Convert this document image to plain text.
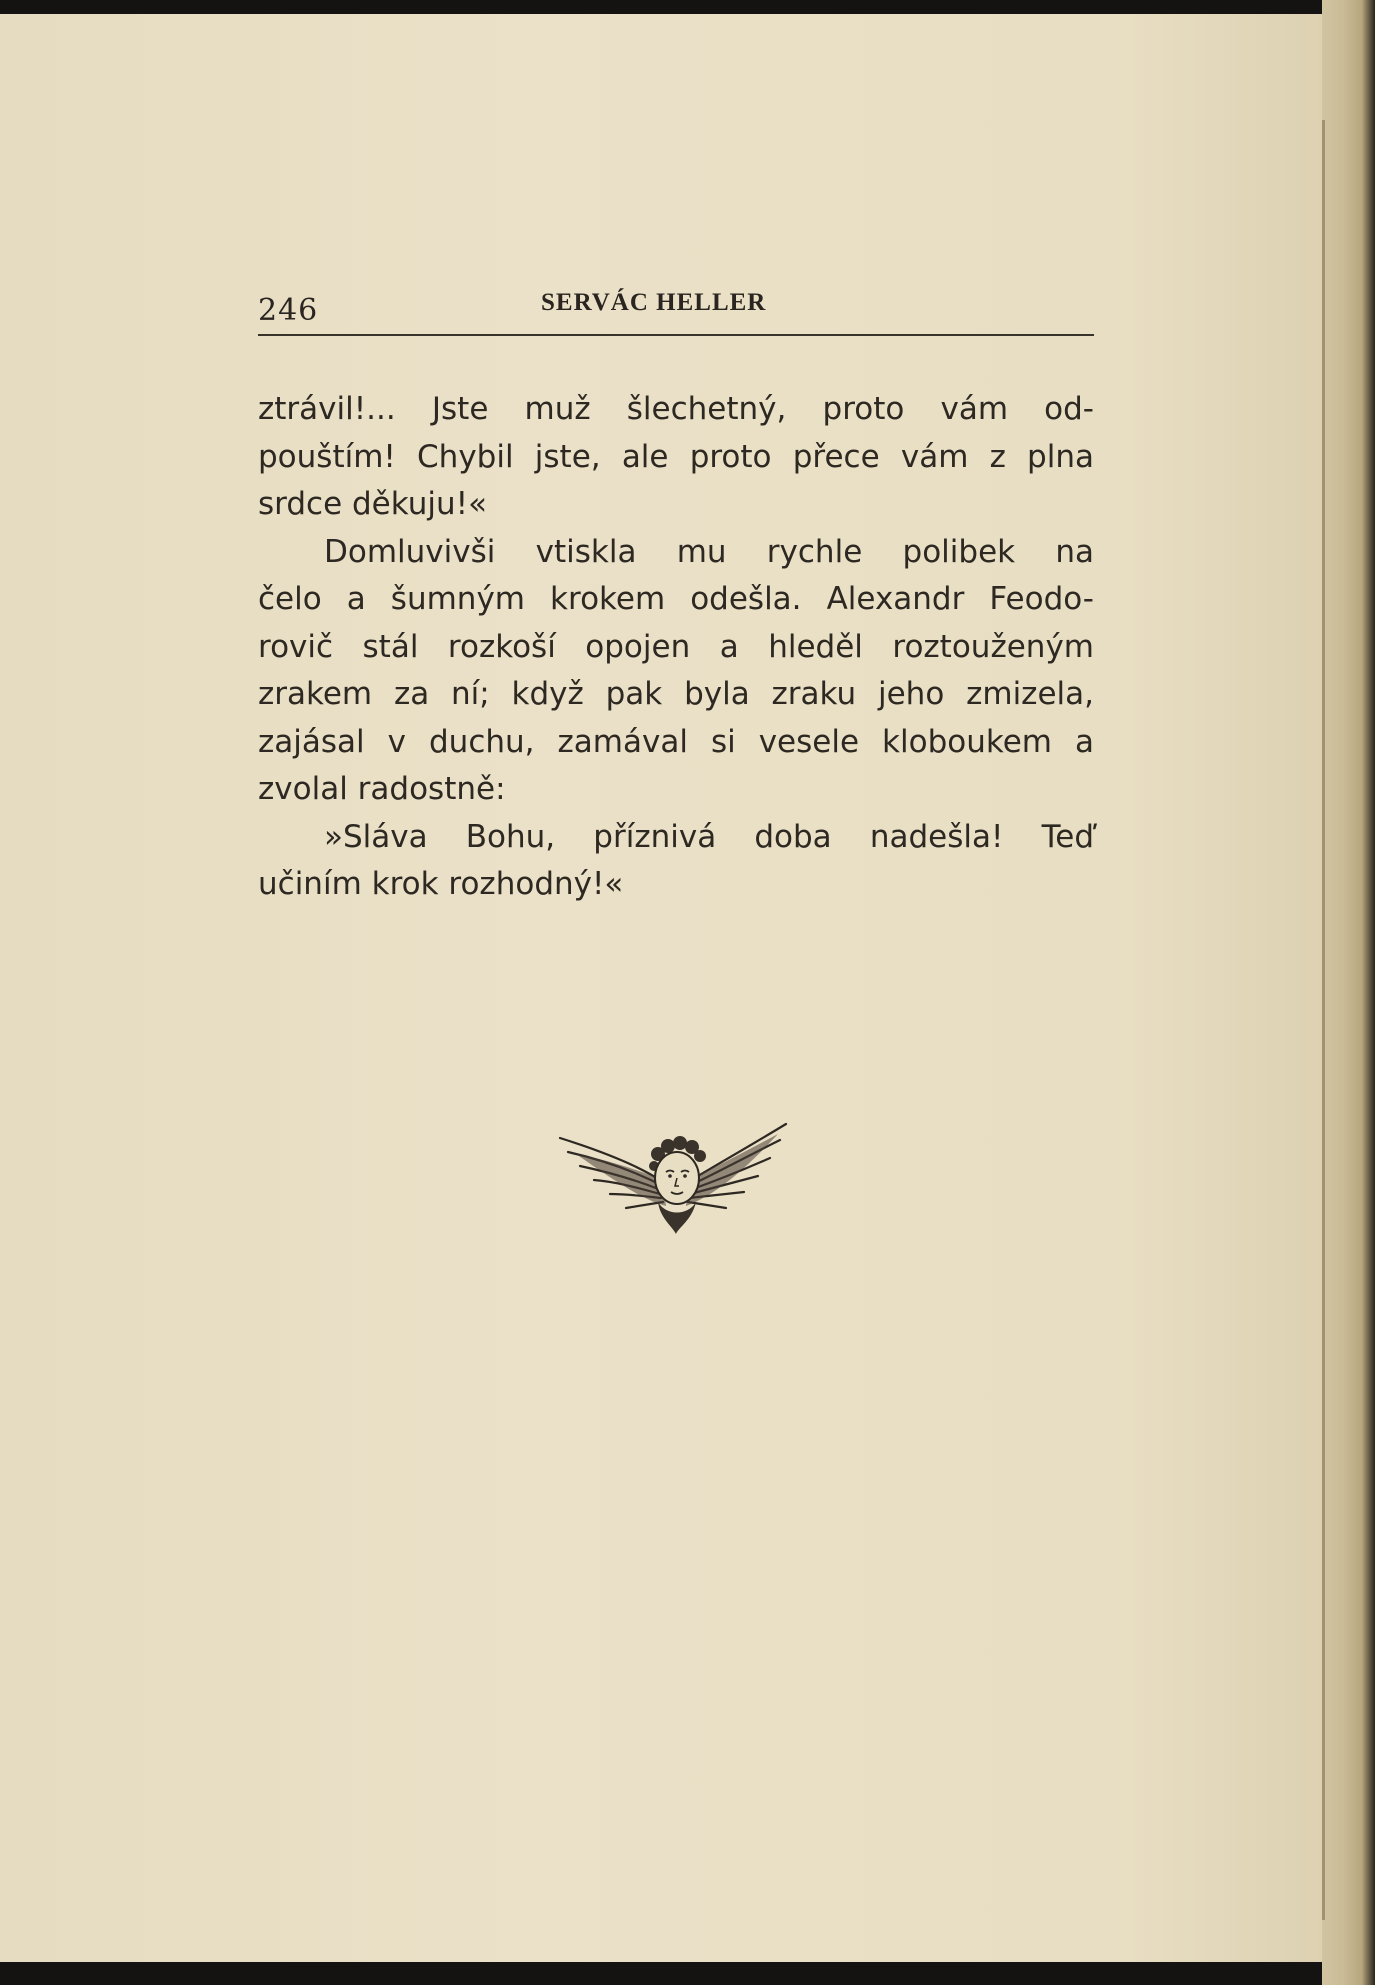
246	SERVÁC HELLER
ztrávil!... Jste muž šlechetný, proto vám od-
pouštím! Chybil jste, ale proto přece vám z plna
srdce děkuju!«
Domluvivši vtiskla mu rychle polibek na
čelo a šumným krokem odešla. Alexandr Feodo-
rovič stál rozkoší opojen a hleděl roztouženým
zrakem za ní; když pak byla zraku jeho zmizela,
zajásal v duchu, zamával si vesele kloboukem a
zvolal radostně:
»Sláva Bohu, příznivá doba nadešla! Teď
učiním krok rozhodný!«
